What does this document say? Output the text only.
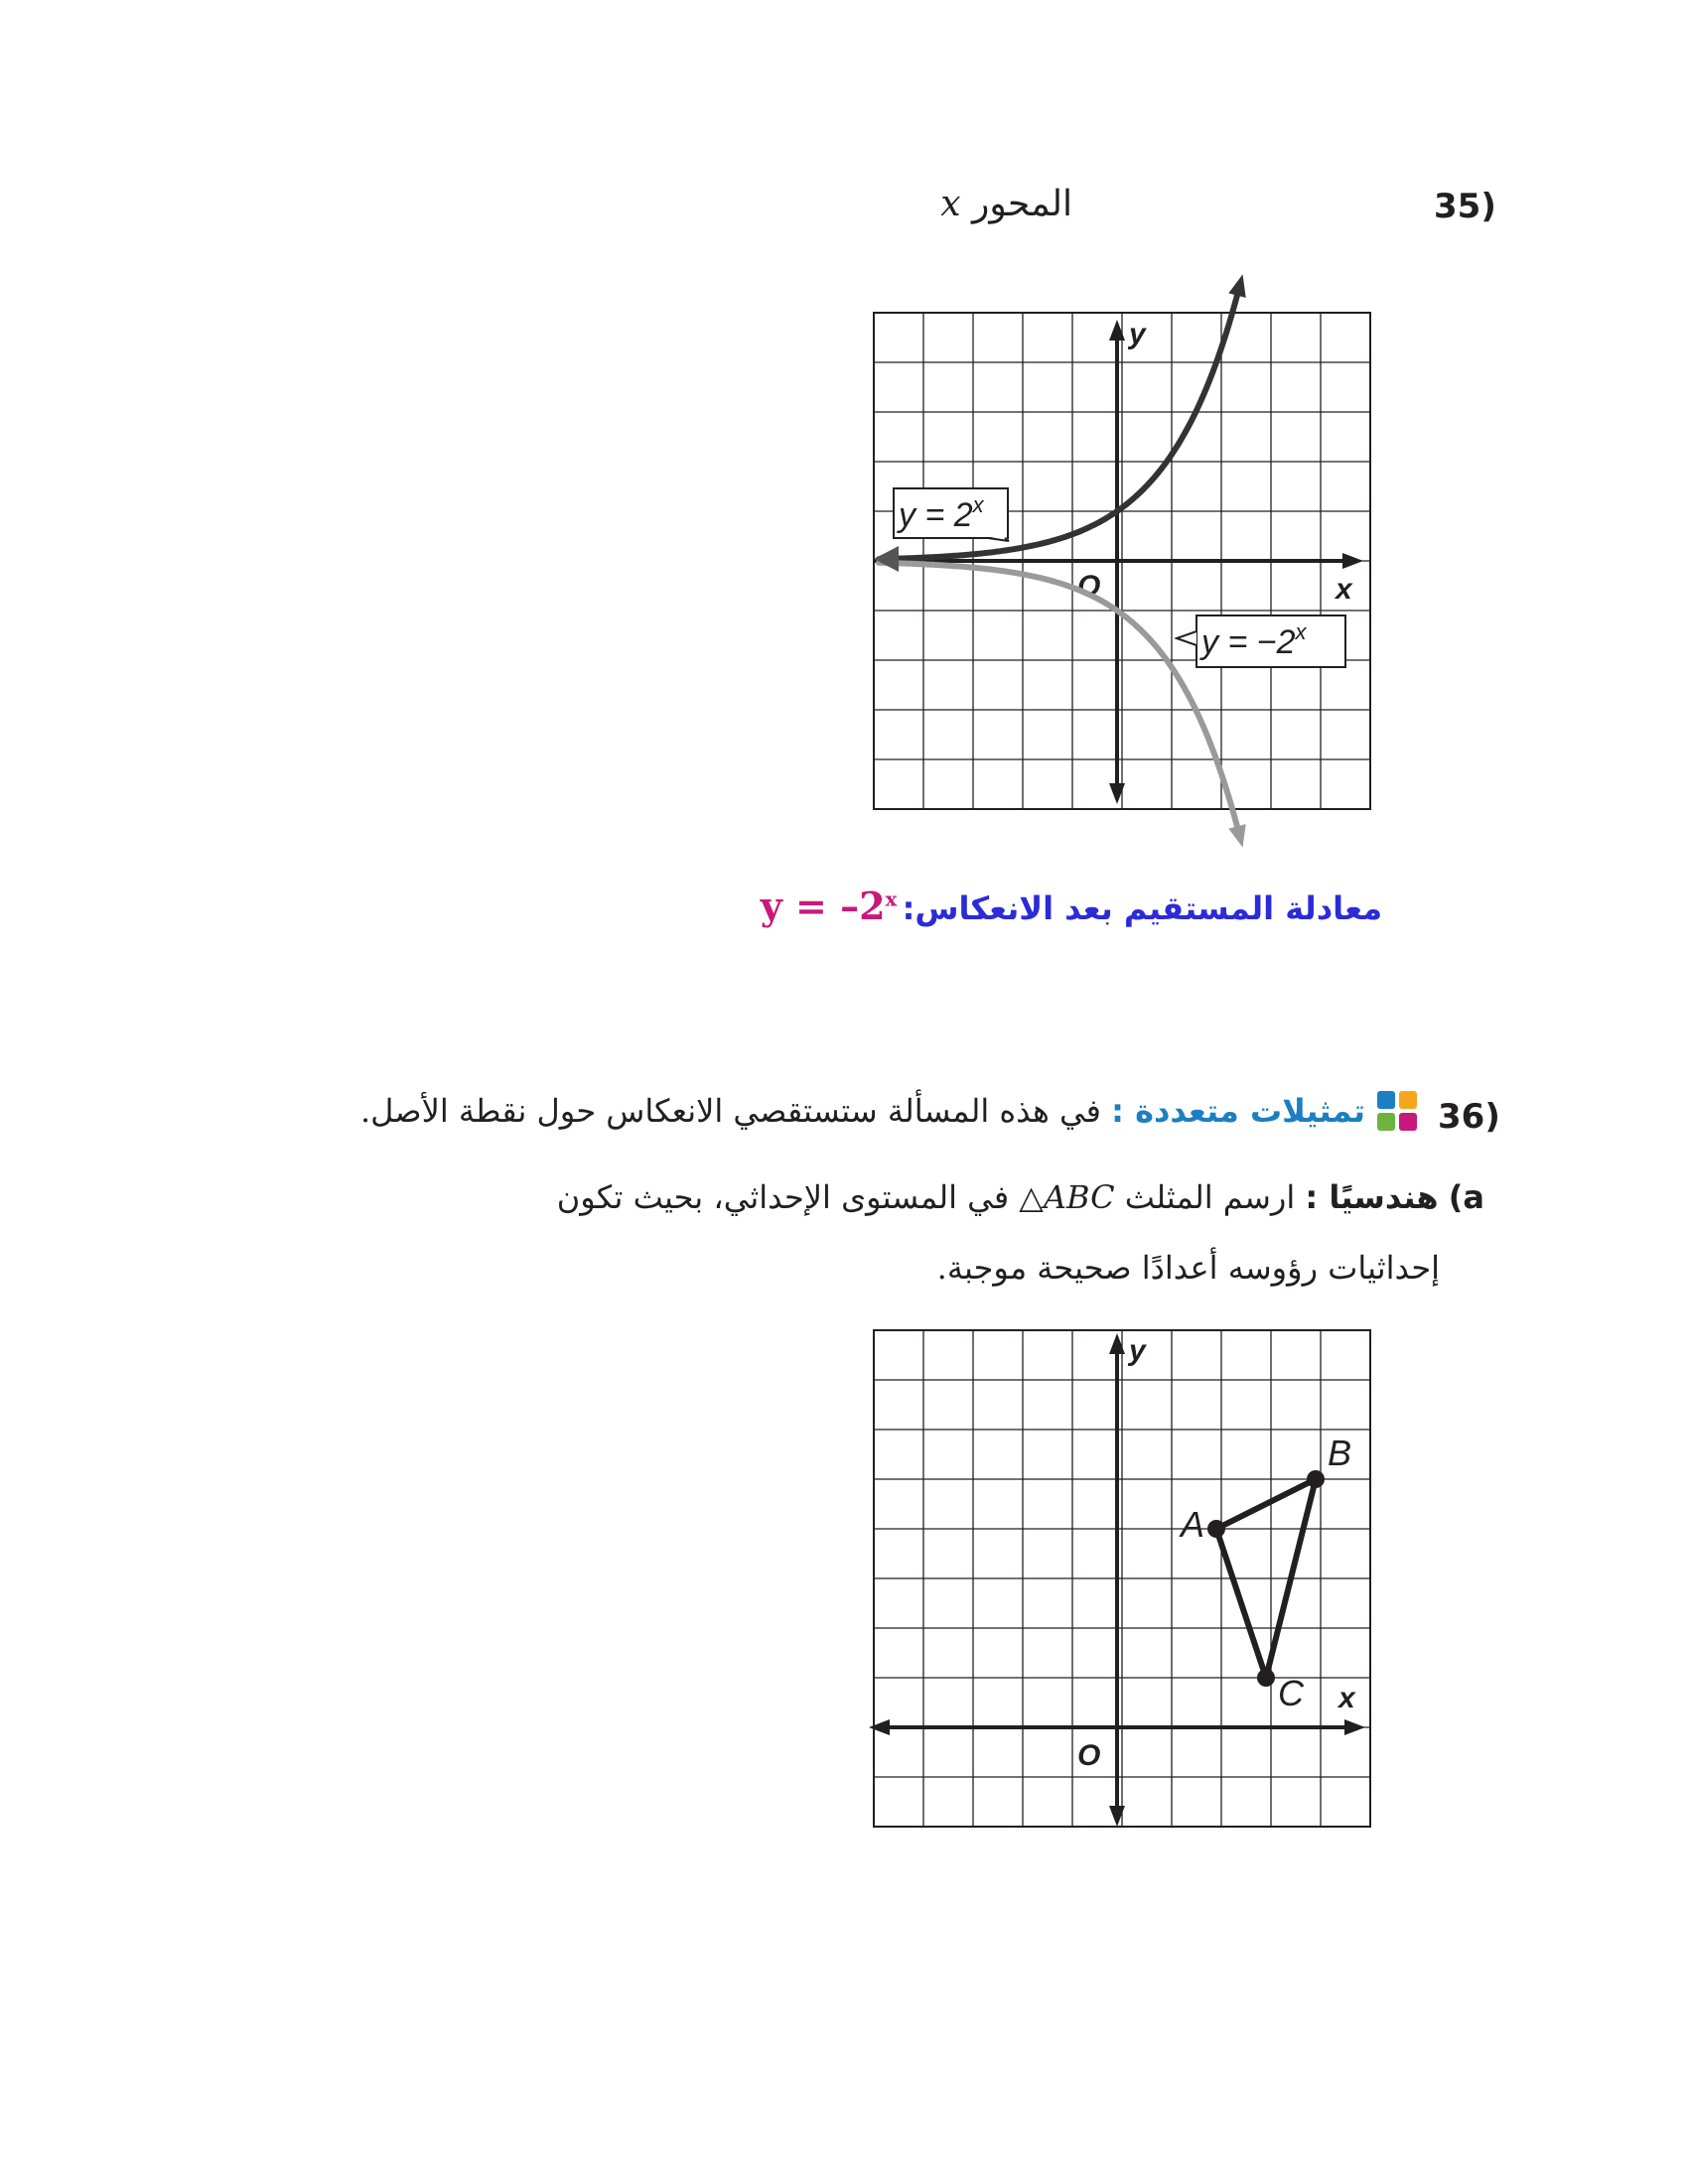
35)
المحور x
y
x
O
$y = 2^x$
$y = -2^x$
y
x
O
A
B
C
معادلة المستقيم بعد الانعكاس: $y = -2^x$
36)
تمثيلات متعددة : في هذه المسألة ستستقصي الانعكاس حول نقطة الأصل.
a) هندسيًا : ارسم المثلث △ABC في المستوى الإحداثي، بحيث تكون
إحداثيات رؤوسه أعدادًا صحيحة موجبة.
